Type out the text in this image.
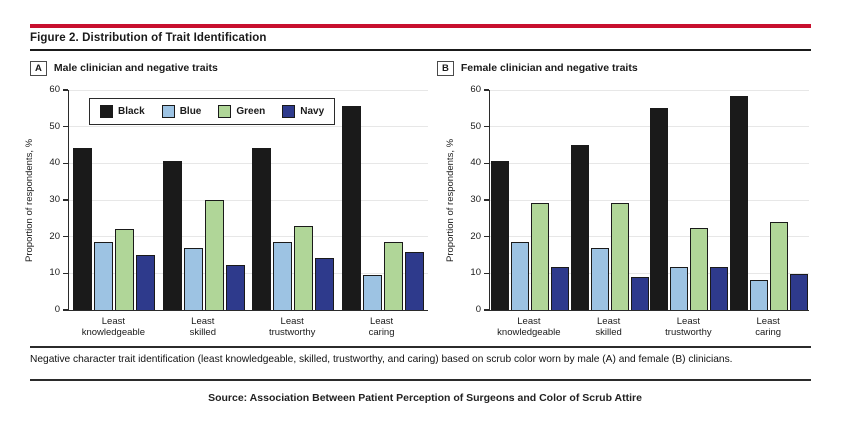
Figure 2. Distribution of Trait Identification
A	Male clinician and negative traits
Black	Blue	Green	Navy
0
10
20
30
40
50
60
Proportion of respondents, %
Least
knowledgeable
Least
skilled
Least
trustworthy
Least
caring
B	Female clinician and negative traits
0
10
20
30
40
50
60
Proportion of respondents, %
Least
knowledgeable
Least
skilled
Least
trustworthy
Least
caring
Negative character trait identification (least knowledgeable, skilled, trustworthy, and caring) based on scrub color worn by male (A) and female (B) clinicians.
Source: Association Between Patient Perception of Surgeons and Color of Scrub Attire
